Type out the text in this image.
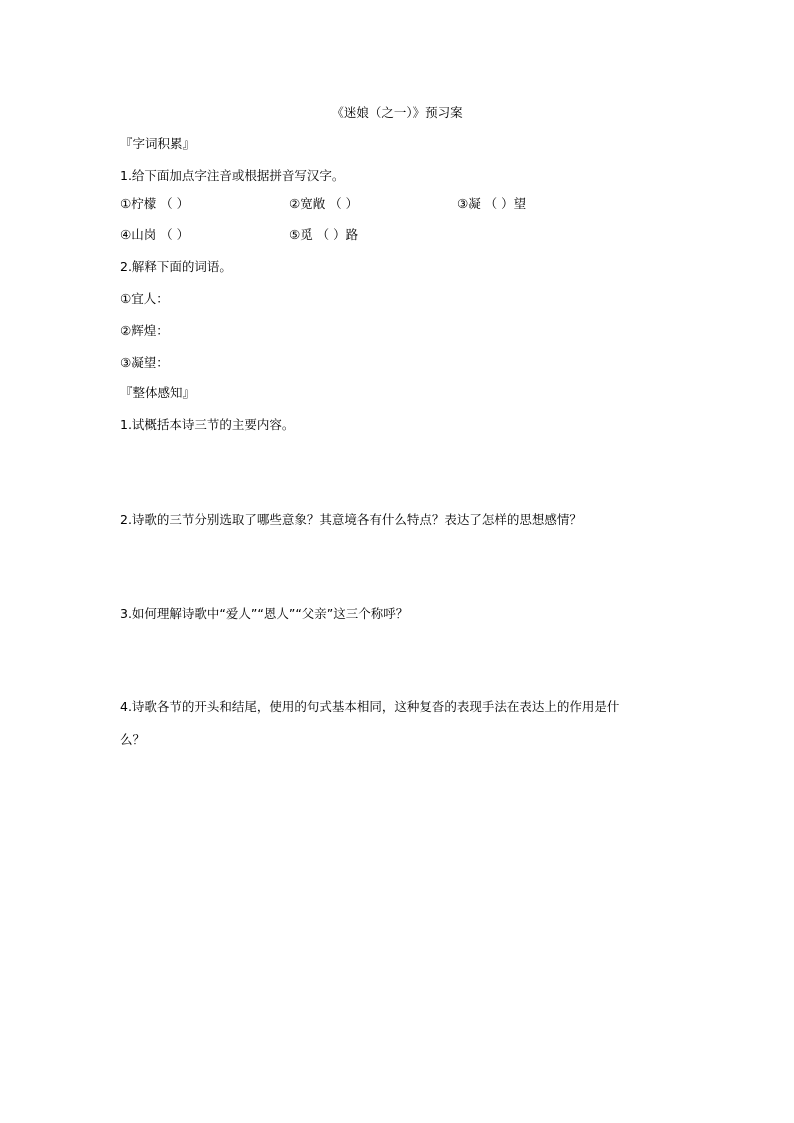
《迷娘（之一）》预习案
『字词积累』
1.给下面加点字注音或根据拼音写汉字。
①柠檬 （ ）	②宽敞 （ ）	③凝 （ ）望
④山岗 （ ）	⑤觅 （ ）路
2.解释下面的词语。
①宜人：
②辉煌：
③凝望：
『整体感知』
1.试概括本诗三节的主要内容。
2.诗歌的三节分别选取了哪些意象？其意境各有什么特点？表达了怎样的思想感情？
3.如何理解诗歌中“爱人”“恩人”“父亲”这三个称呼？
4.诗歌各节的开头和结尾，使用的句式基本相同，这种复沓的表现手法在表达上的作用是什
么？
